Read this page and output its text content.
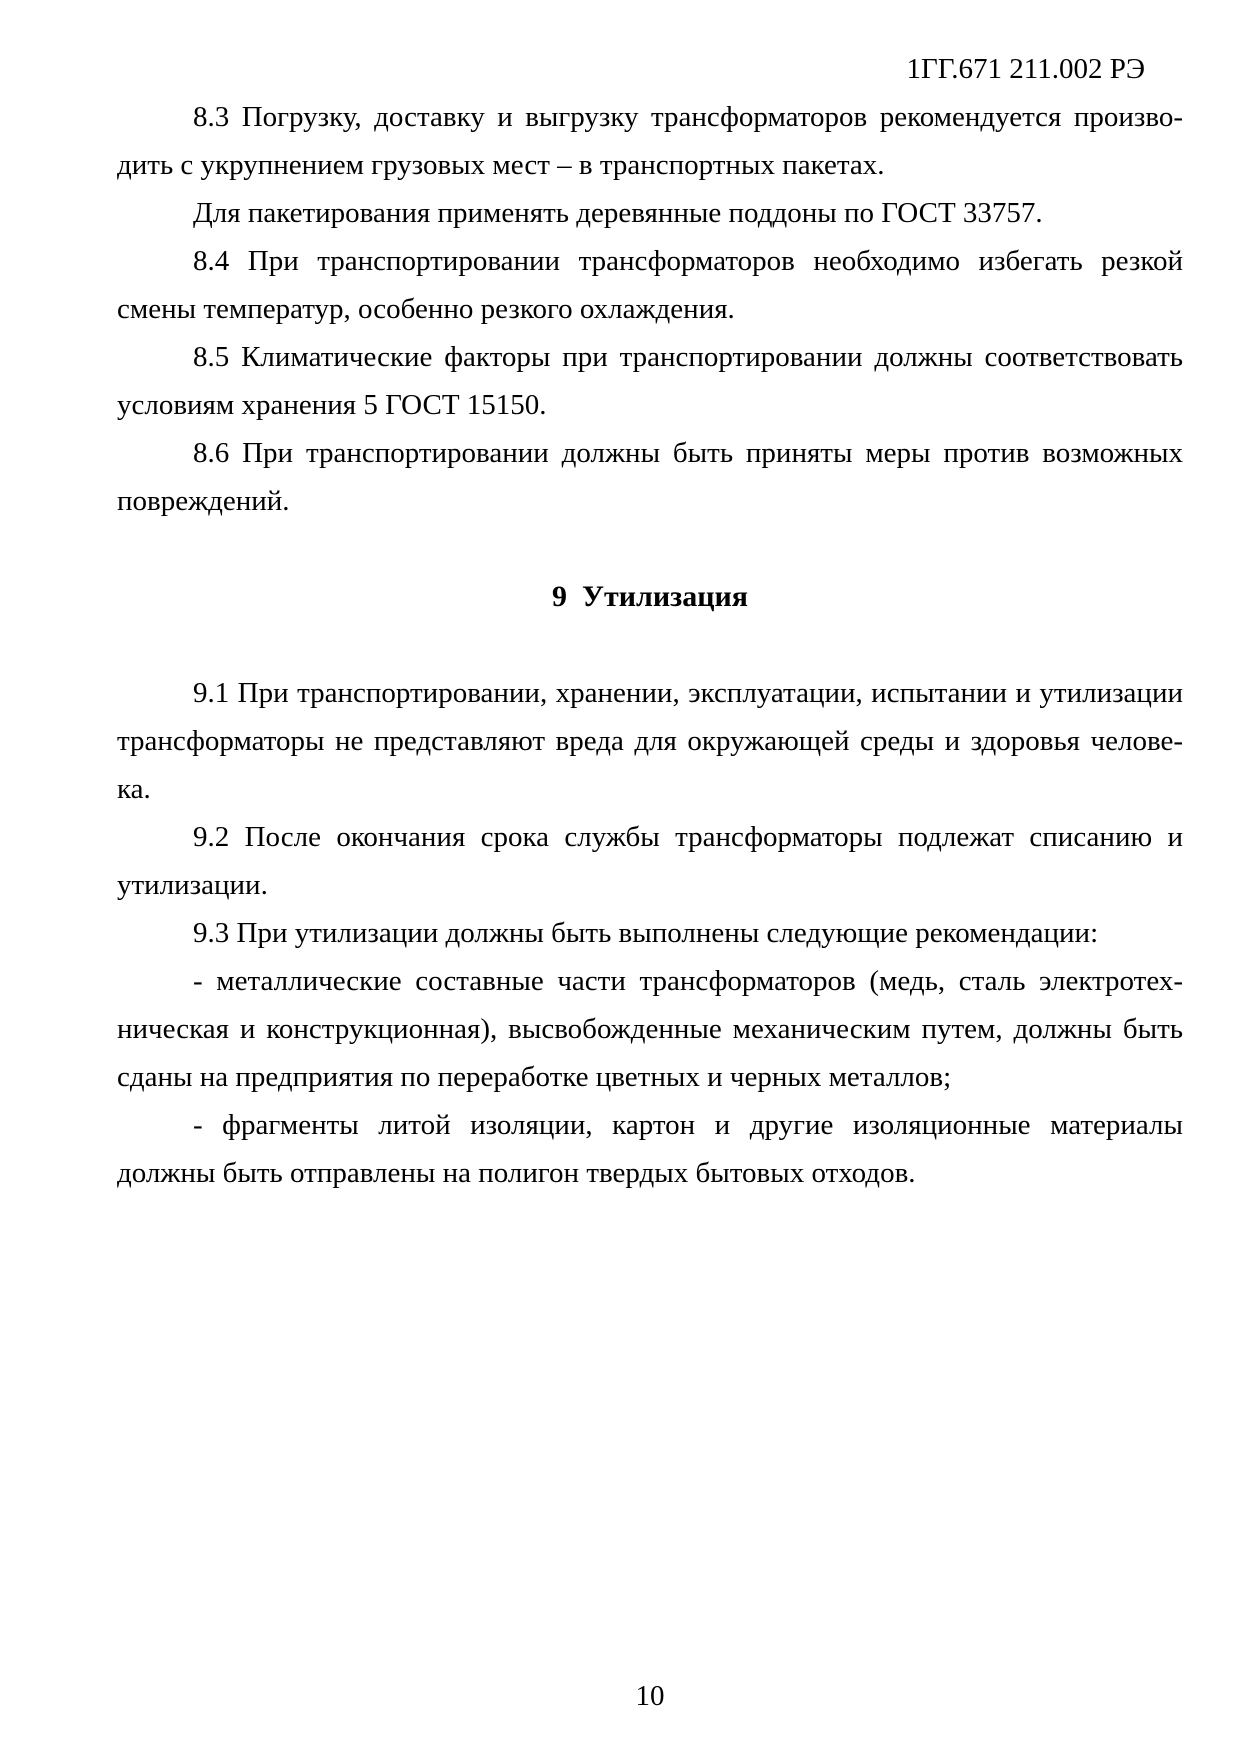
1ГГ.671 211.002 РЭ
8.3 Погрузку, доставку и выгрузку трансформаторов рекомендуется произво-
дить с укрупнением грузовых мест – в транспортных пакетах.
Для пакетирования применять деревянные поддоны по ГОСТ 33757.
8.4 При транспортировании трансформаторов необходимо избегать резкой
смены температур, особенно резкого охлаждения.
8.5 Климатические факторы при транспортировании должны соответствовать
условиям хранения 5 ГОСТ 15150.
8.6 При транспортировании должны быть приняты меры против возможных
повреждений.
9  Утилизация
9.1 При транспортировании, хранении, эксплуатации, испытании и утилизации
трансформаторы не представляют вреда для окружающей среды и здоровья челове-
ка.
9.2 После окончания срока службы трансформаторы подлежат списанию и
утилизации.
9.3 При утилизации должны быть выполнены следующие рекомендации:
- металлические составные части трансформаторов (медь, сталь электротех-
ническая и конструкционная), высвобожденные механическим путем, должны быть
сданы на предприятия по переработке цветных и черных металлов;
- фрагменты литой изоляции, картон и другие изоляционные материалы
должны быть отправлены на полигон твердых бытовых отходов.
10
